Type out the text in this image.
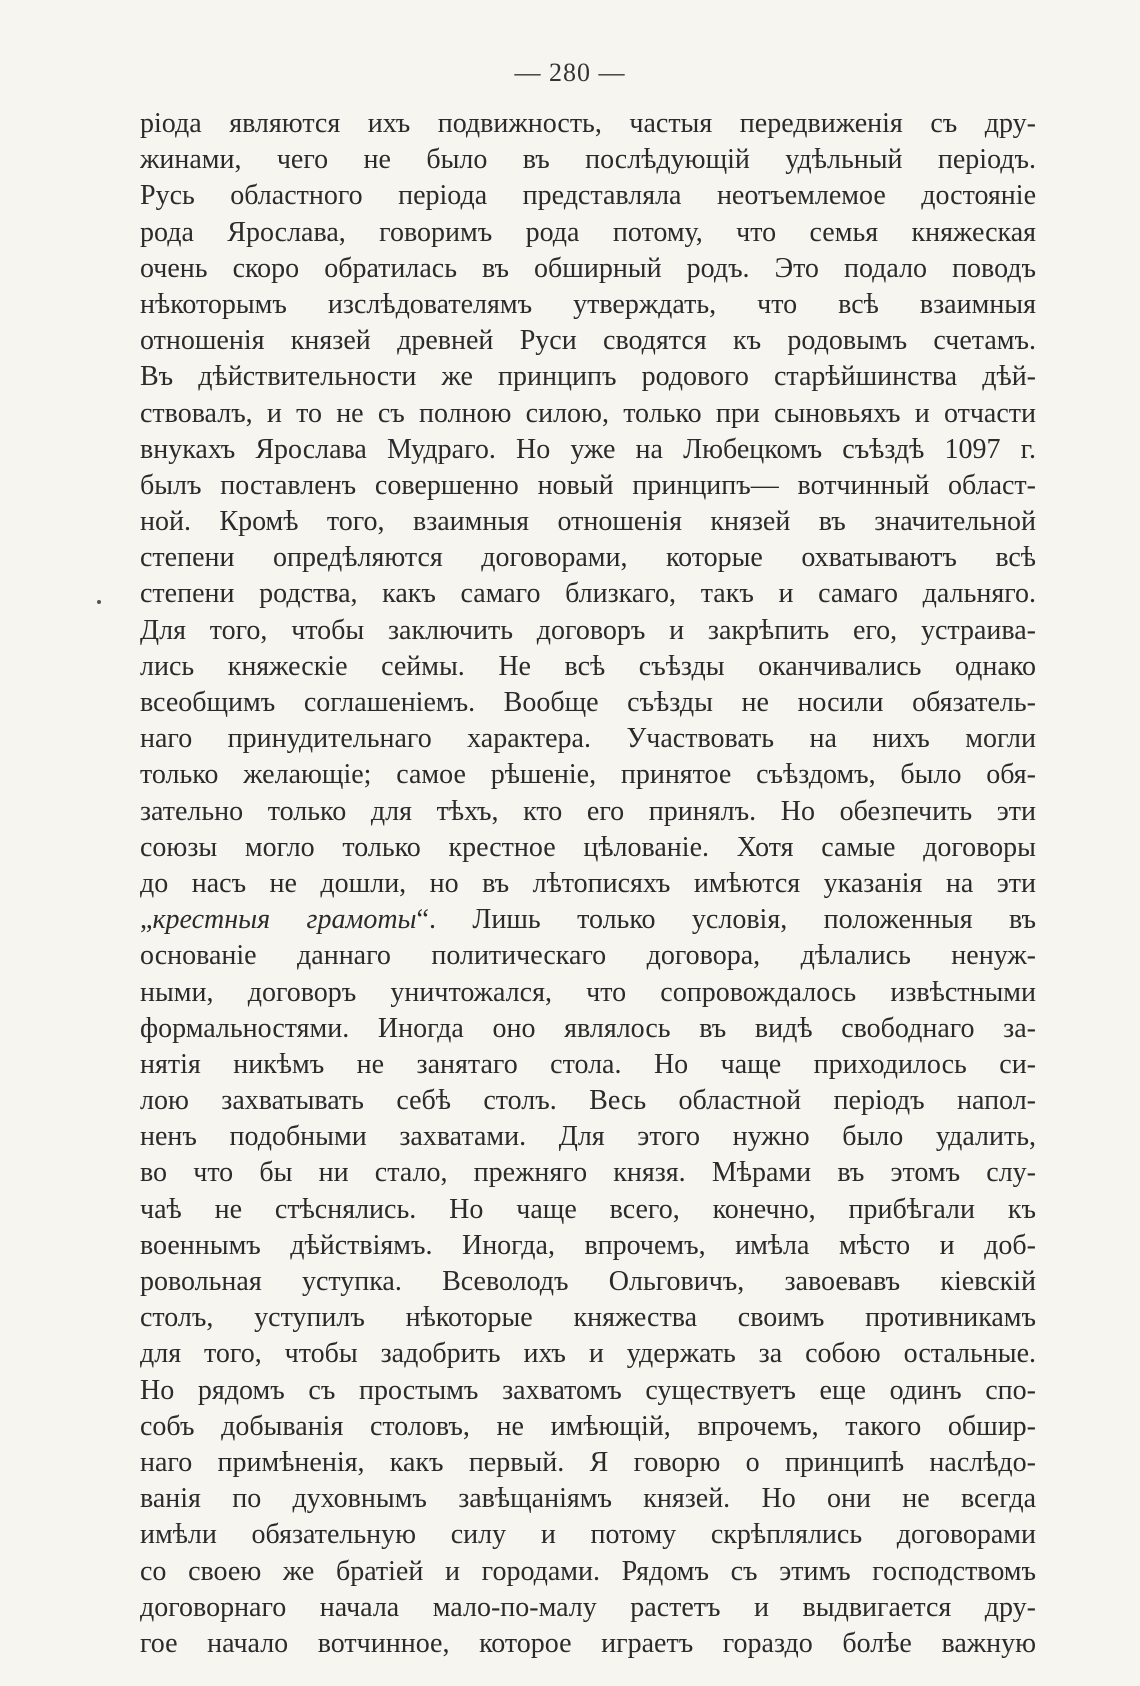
— 280 —
ріода являются ихъ подвижность, частыя передвиженія съ дру-
жинами, чего не было въ послѣдующій удѣльный періодъ.
Русь областного періода представляла неотъемлемое достояніе
рода Ярослава, говоримъ рода потому, что семья княжеская
очень скоро обратилась въ обширный родъ. Это подало поводъ
нѣкоторымъ изслѣдователямъ утверждать, что всѣ взаимныя
отношенія князей древней Руси сводятся къ родовымъ счетамъ.
Въ дѣйствительности же принципъ родового старѣйшинства дѣй-
ствовалъ, и то не съ полною силою, только при сыновьяхъ и отчасти
внукахъ Ярослава Мудраго. Но уже на Любецкомъ съѣздѣ 1097 г.
былъ поставленъ совершенно новый принципъ— вотчинный област-
ной. Кромѣ того, взаимныя отношенія князей въ значительной
степени опредѣляются договорами, которые охватываютъ всѣ
степени родства, какъ самаго близкаго, такъ и самаго дальняго.
Для того, чтобы заключить договоръ и закрѣпить его, устраива-
лись княжескіе сеймы. Не всѣ съѣзды оканчивались однако
всеобщимъ соглашеніемъ. Вообще съѣзды не носили обязатель-
наго принудительнаго характера. Участвовать на нихъ могли
только желающіе; самое рѣшеніе, принятое съѣздомъ, было обя-
зательно только для тѣхъ, кто его принялъ. Но обезпечить эти
союзы могло только крестное цѣлованіе. Хотя самые договоры
до насъ не дошли, но въ лѣтописяхъ имѣются указанія на эти
„крестныя грамоты“. Лишь только условія, положенныя въ
основаніе даннаго политическаго договора, дѣлались ненуж-
ными, договоръ уничтожался, что сопровождалось извѣстными
формальностями. Иногда оно являлось въ видѣ свободнаго за-
нятія никѣмъ не занятаго стола. Но чаще приходилось си-
лою захватывать себѣ столъ. Весь областной періодъ напол-
ненъ подобными захватами. Для этого нужно было удалить,
во что бы ни стало, прежняго князя. Мѣрами въ этомъ слу-
чаѣ не стѣснялись. Но чаще всего, конечно, прибѣгали къ
военнымъ дѣйствіямъ. Иногда, впрочемъ, имѣла мѣсто и доб-
ровольная уступка. Всеволодъ Ольговичъ, завоевавъ кіевскій
столъ, уступилъ нѣкоторые княжества своимъ противникамъ
для того, чтобы задобрить ихъ и удержать за собою остальные.
Но рядомъ съ простымъ захватомъ существуетъ еще одинъ спо-
собъ добыванія столовъ, не имѣющій, впрочемъ, такого обшир-
наго примѣненія, какъ первый. Я говорю о принципѣ наслѣдо-
ванія по духовнымъ завѣщаніямъ князей. Но они не всегда
имѣли обязательную силу и потому скрѣплялись договорами
со своею же братіей и городами. Рядомъ съ этимъ господствомъ
договорнаго начала мало-по-малу растетъ и выдвигается дру-
гое начало вотчинное, которое играетъ гораздо болѣе важную
